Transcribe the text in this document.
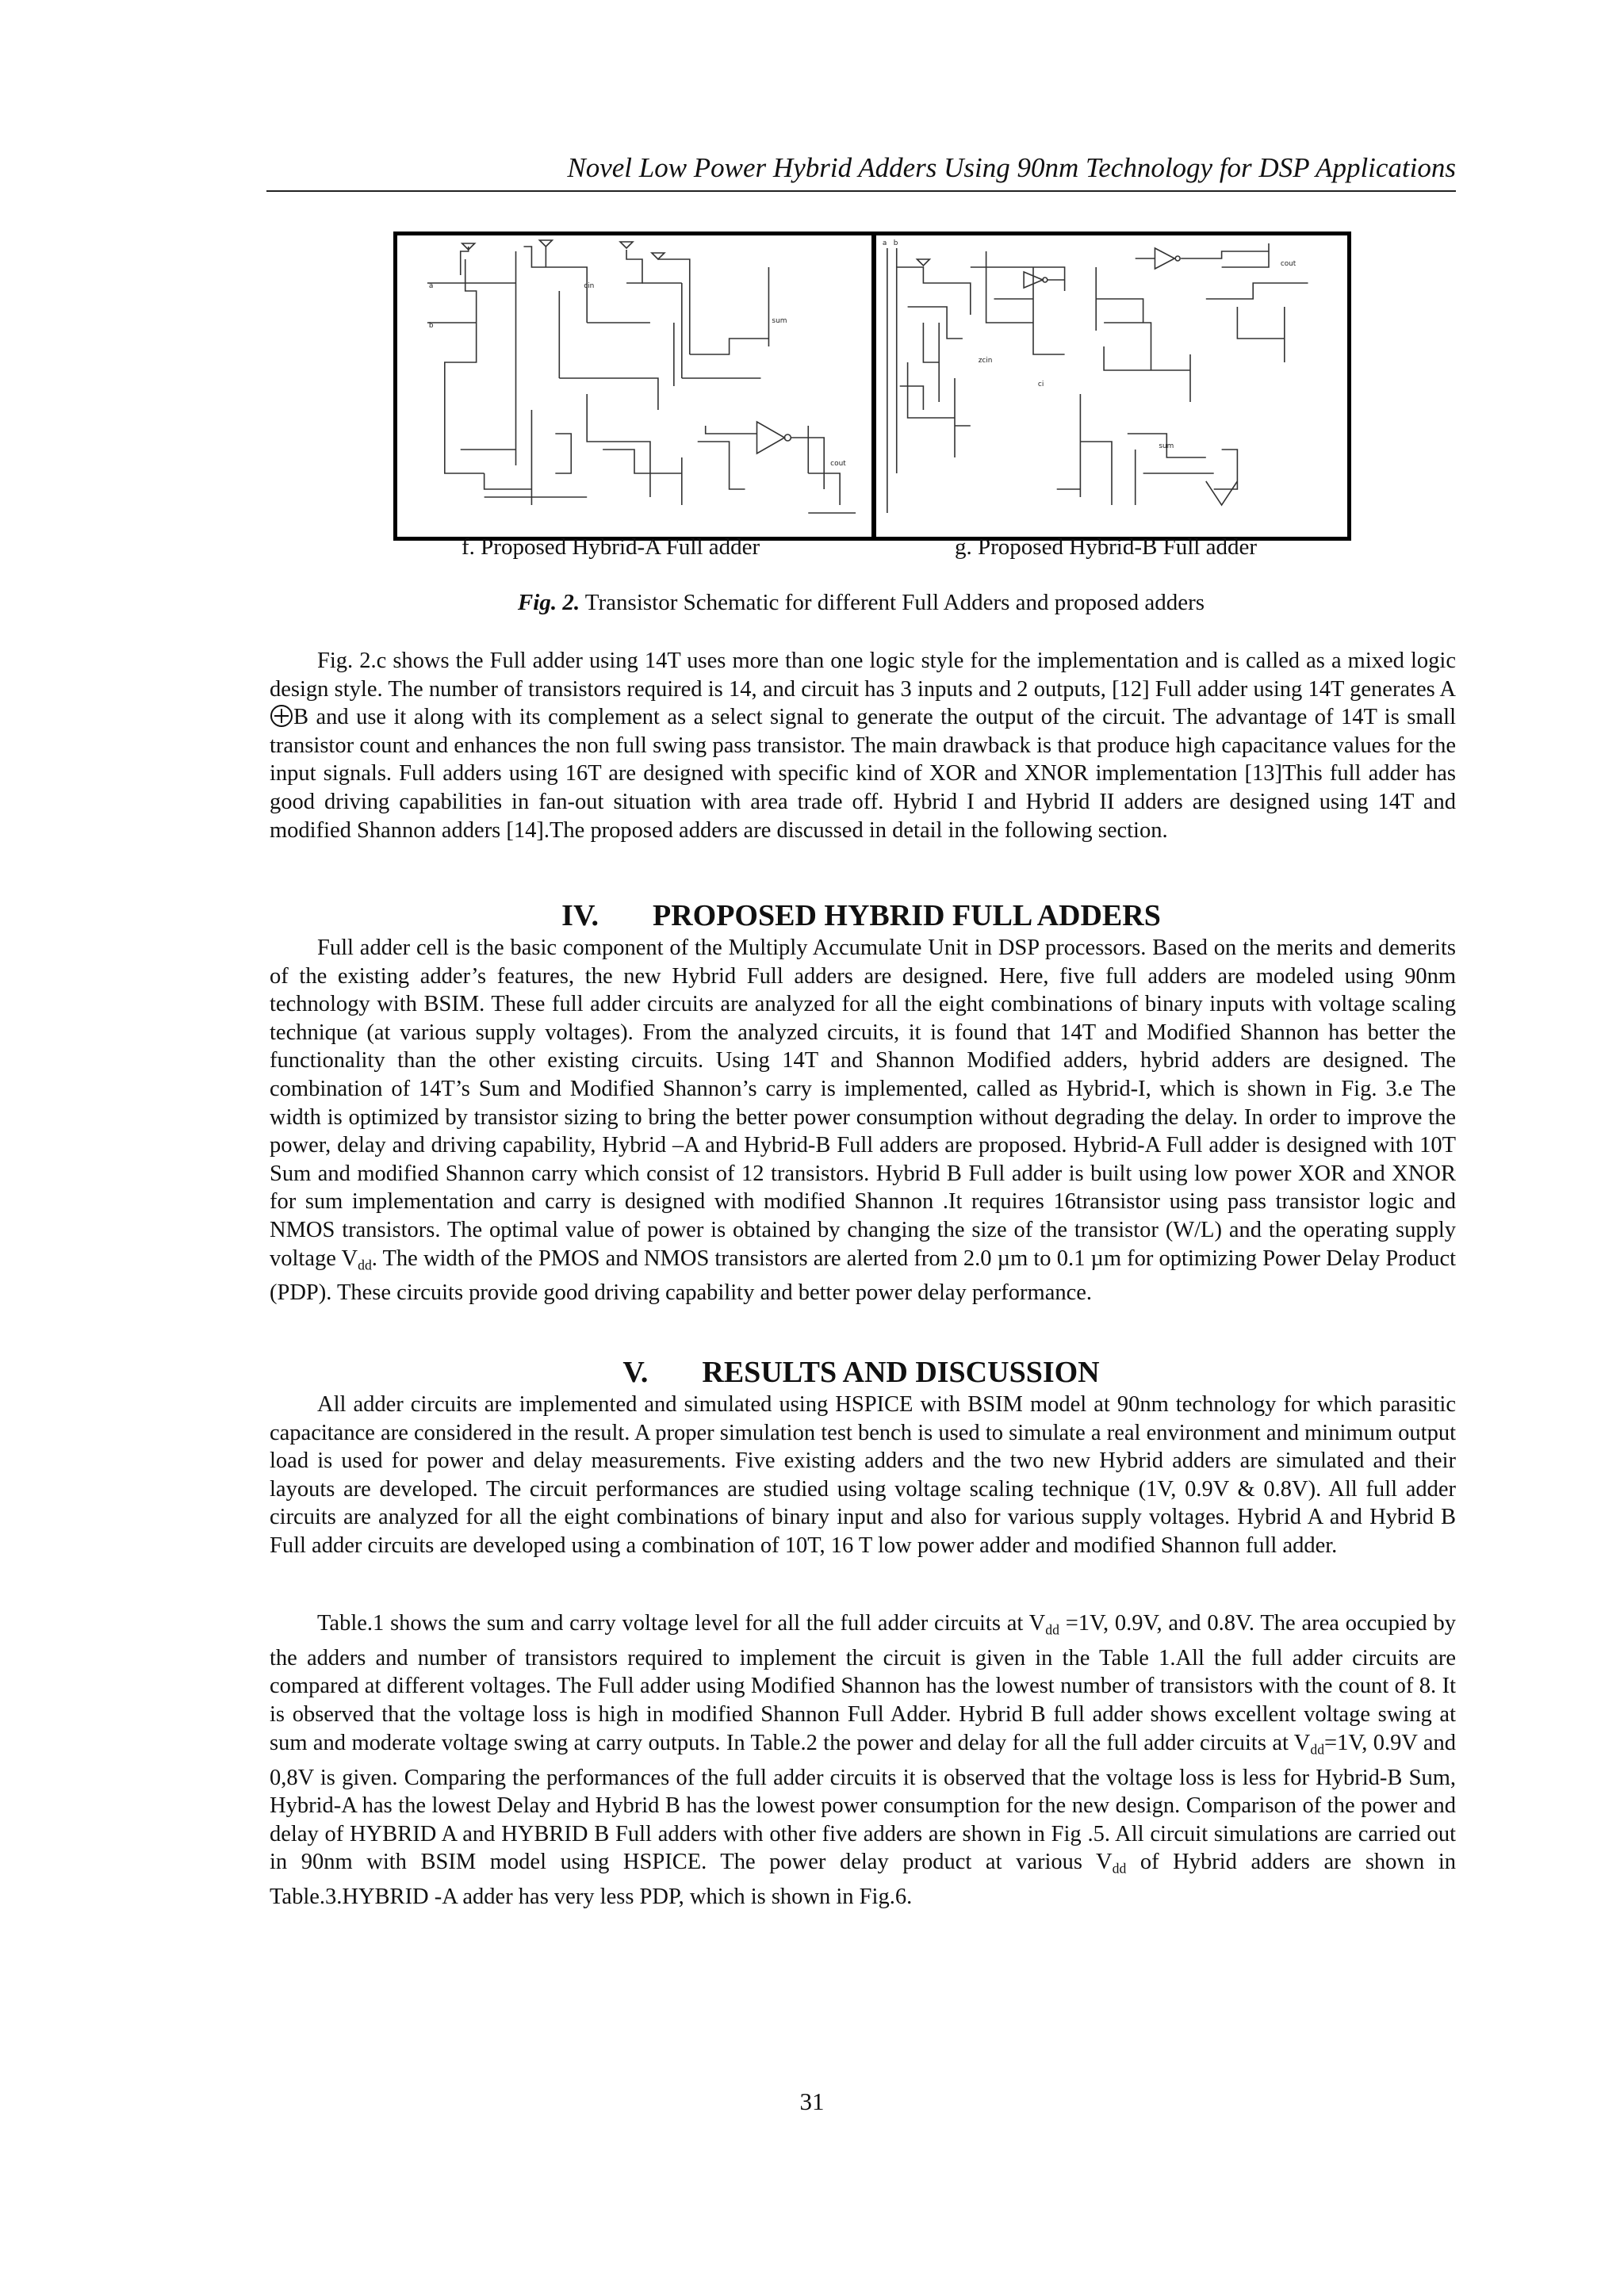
Novel Low Power Hybrid Adders Using 90nm Technology for DSP Applications
a
b
cin
sum
cout
a b
cout
ci
sum
zcin
f. Proposed Hybrid-A Full adder	g. Proposed Hybrid-B Full adder
Fig. 2. Transistor Schematic for different Full Adders and proposed adders
Fig. 2.c shows the Full adder using 14T uses more than one logic style for the implementation and is called as a mixed logic design style. The number of transistors required is 14, and circuit has 3 inputs and 2 outputs, [12] Full adder using 14T generates AB and use it along with its complement as a select signal to generate the output of the circuit. The advantage of 14T is small transistor count and enhances the non full swing pass transistor. The main drawback is that produce high capacitance values for the input signals. Full adders using 16T are designed with specific kind of XOR and XNOR implementation [13]This full adder has good driving capabilities in fan-out situation with area trade off. Hybrid I and Hybrid II adders are designed using 14T and modified Shannon adders [14].The proposed adders are discussed in detail in the following section.
IV. PROPOSED HYBRID FULL ADDERS
Full adder cell is the basic component of the Multiply Accumulate Unit in DSP processors. Based on the merits and demerits of the existing adder’s features, the new Hybrid Full adders are designed. Here, five full adders are modeled using 90nm technology with BSIM. These full adder circuits are analyzed for all the eight combinations of binary inputs with voltage scaling technique (at various supply voltages). From the analyzed circuits, it is found that 14T and Modified Shannon has better the functionality than the other existing circuits. Using 14T and Shannon Modified adders, hybrid adders are designed. The combination of 14T’s Sum and Modified Shannon’s carry is implemented, called as Hybrid-I, which is shown in Fig. 3.e The width is optimized by transistor sizing to bring the better power consumption without degrading the delay. In order to improve the power, delay and driving capability, Hybrid –A and Hybrid-B Full adders are proposed. Hybrid-A Full adder is designed with 10T Sum and modified Shannon carry which consist of 12 transistors. Hybrid B Full adder is built using low power XOR and XNOR for sum implementation and carry is designed with modified Shannon .It requires 16transistor using pass transistor logic and NMOS transistors. The optimal value of power is obtained by changing the size of the transistor (W/L) and the operating supply voltage $V_{dd}$. The width of the PMOS and NMOS transistors are alerted from 2.0 µm to 0.1 µm for optimizing Power Delay Product (PDP). These circuits provide good driving capability and better power delay performance.
V. RESULTS AND DISCUSSION
All adder circuits are implemented and simulated using HSPICE with BSIM model at 90nm technology for which parasitic capacitance are considered in the result. A proper simulation test bench is used to simulate a real environment and minimum output load is used for power and delay measurements. Five existing adders and the two new Hybrid adders are simulated and their layouts are developed. The circuit performances are studied using voltage scaling technique (1V, 0.9V & 0.8V). All full adder circuits are analyzed for all the eight combinations of binary input and also for various supply voltages. Hybrid A and Hybrid B Full adder circuits are developed using a combination of 10T, 16 T low power adder and modified Shannon full adder.
Table.1 shows the sum and carry voltage level for all the full adder circuits at $V_{dd} =1V$, 0.9V, and 0.8V. The area occupied by the adders and number of transistors required to implement the circuit is given in the Table 1.All the full adder circuits are compared at different voltages. The Full adder using Modified Shannon has the lowest number of transistors with the count of 8. It is observed that the voltage loss is high in modified Shannon Full Adder. Hybrid B full adder shows excellent voltage swing at sum and moderate voltage swing at carry outputs. In Table.2 the power and delay for all the full adder circuits at $V_{dd}=1V$, 0.9V and 0,8V is given. Comparing the performances of the full adder circuits it is observed that the voltage loss is less for Hybrid-B Sum, Hybrid-A has the lowest Delay and Hybrid B has the lowest power consumption for the new design. Comparison of the power and delay of HYBRID A and HYBRID B Full adders with other five adders are shown in Fig .5. All circuit simulations are carried out in 90nm with BSIM model using HSPICE. The power delay product at various $V_{dd}$ of Hybrid adders are shown in Table.3.HYBRID -A adder has very less PDP, which is shown in Fig.6.
31
